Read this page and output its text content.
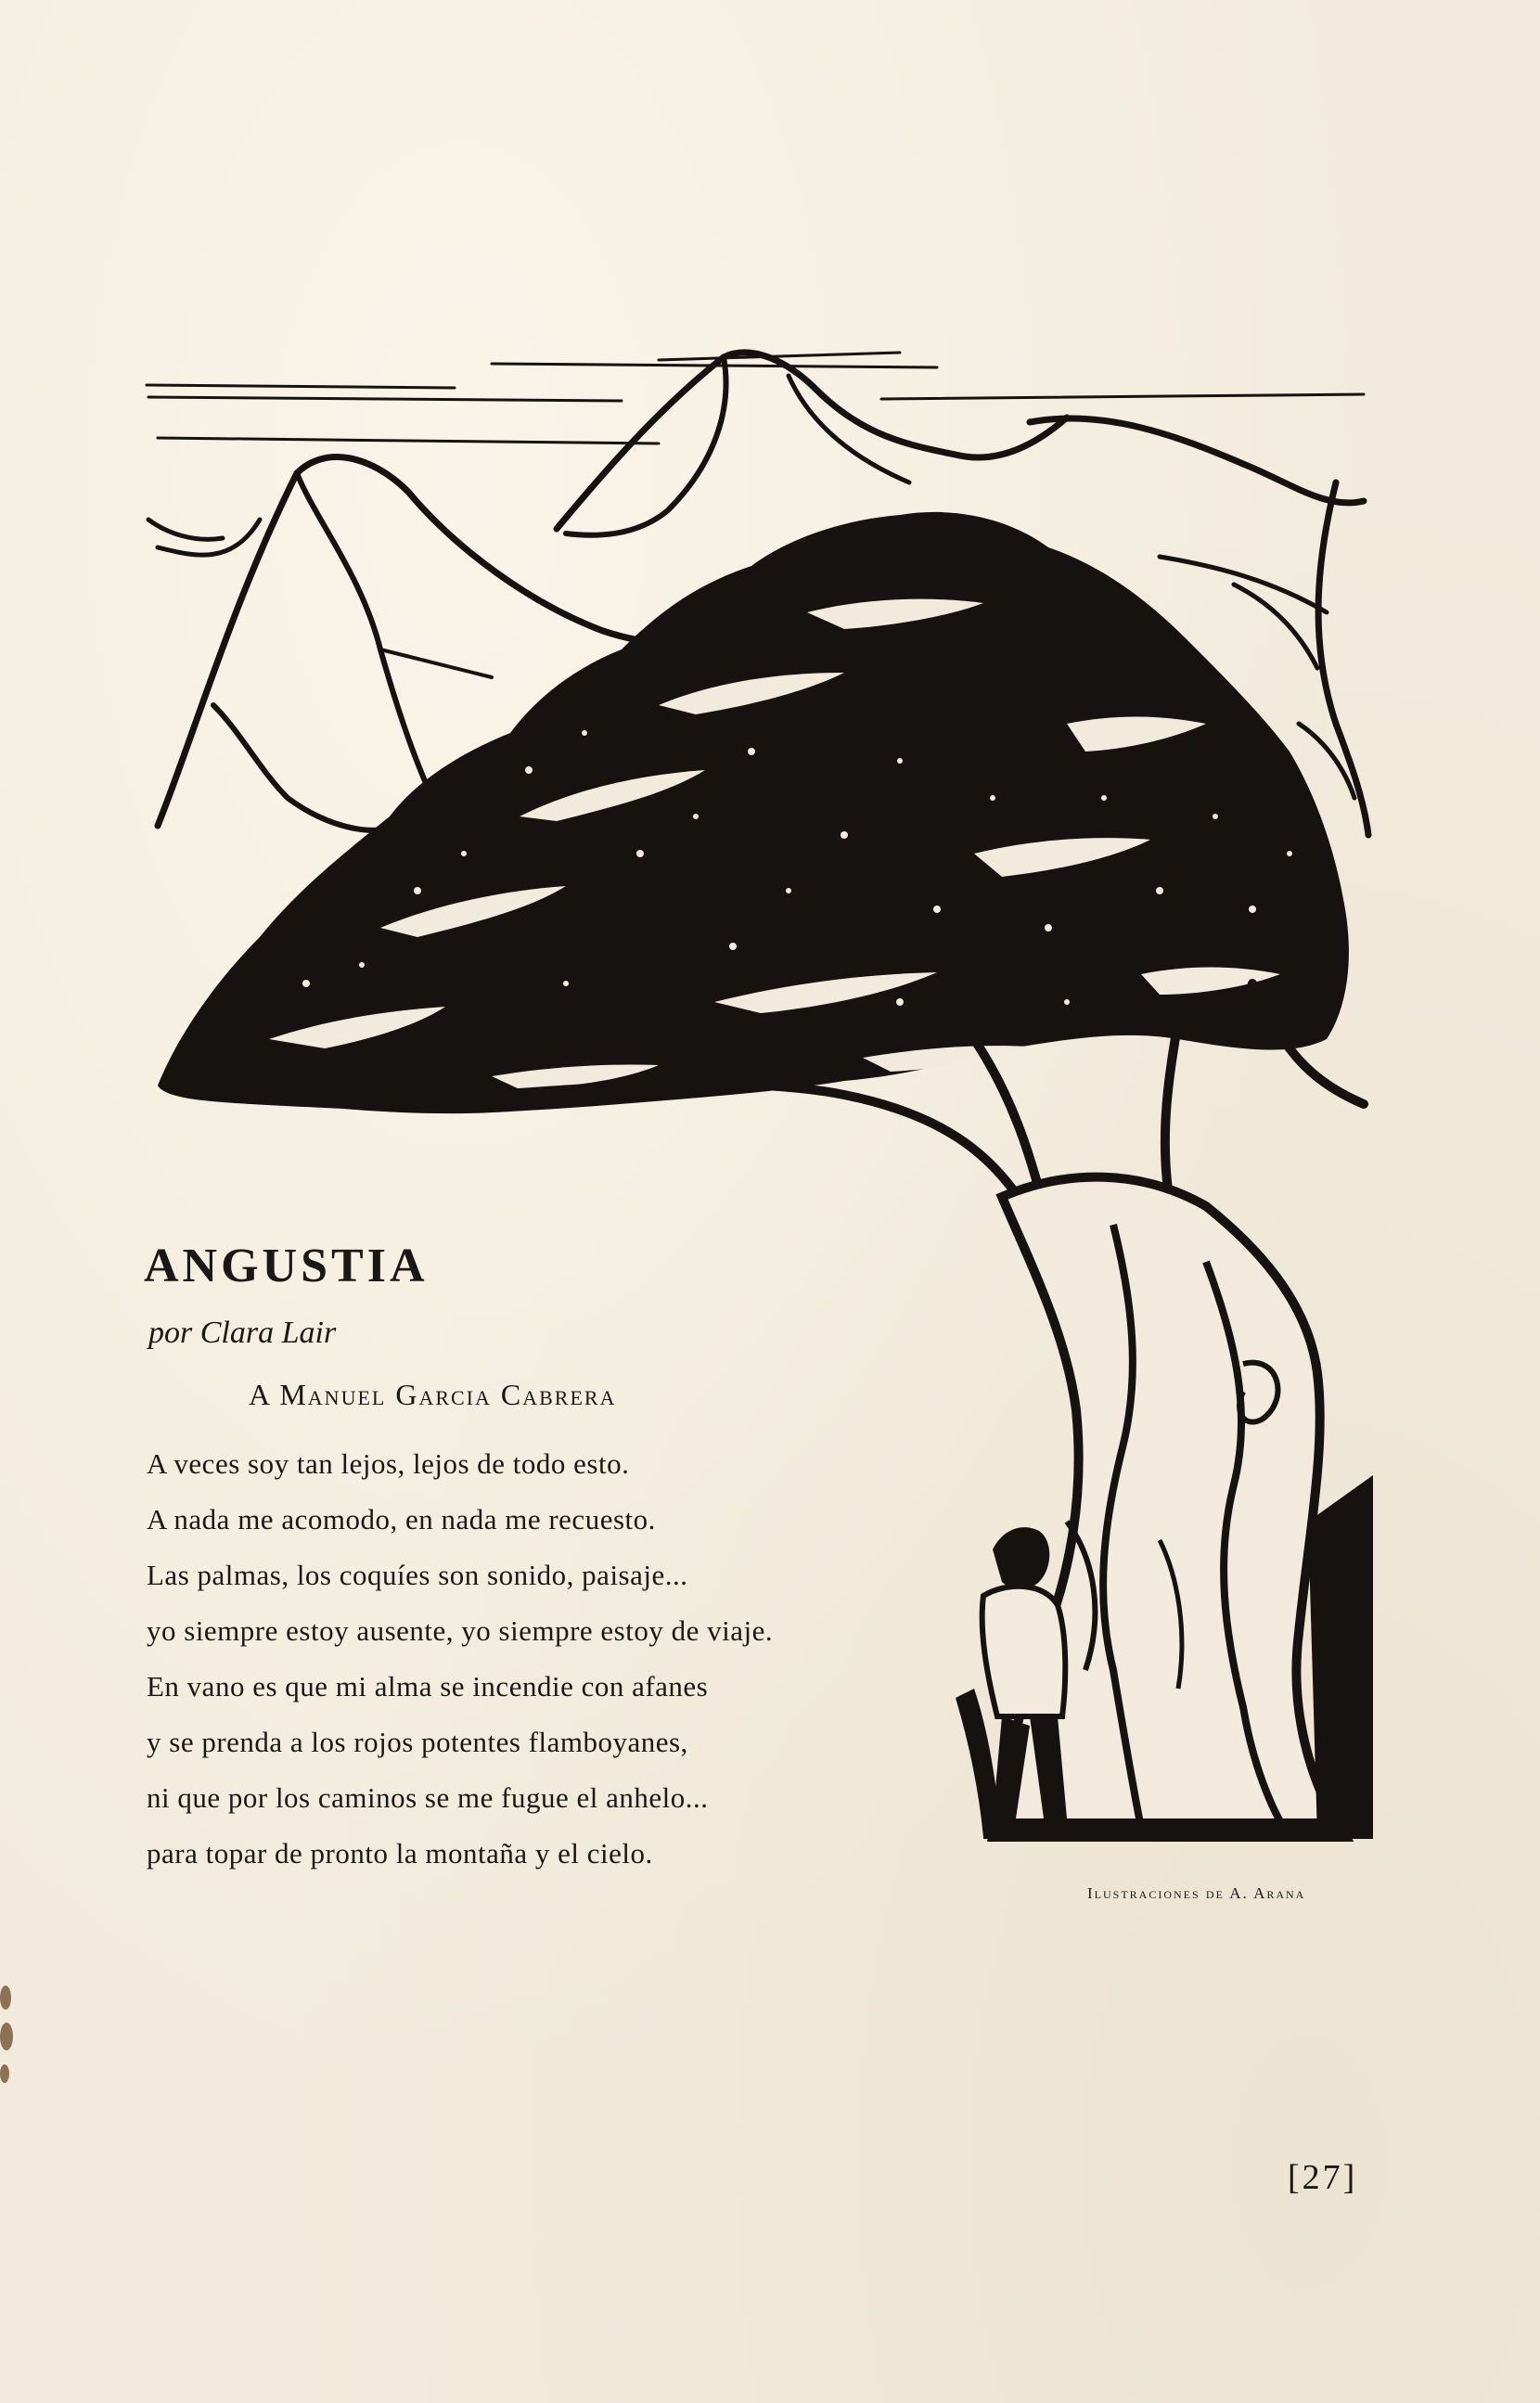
ANGUSTIA
por Clara Lair
A Manuel Garcia Cabrera
A veces soy tan lejos, lejos de todo esto.
A nada me acomodo, en nada me recuesto.
Las palmas, los coquíes son sonido, paisaje...
yo siempre estoy ausente, yo siempre estoy de viaje.
En vano es que mi alma se incendie con afanes
y se prenda a los rojos potentes flamboyanes,
ni que por los caminos se me fugue el anhelo...
para topar de pronto la montaña y el cielo.
Ilustraciones de A. Arana
[27]
